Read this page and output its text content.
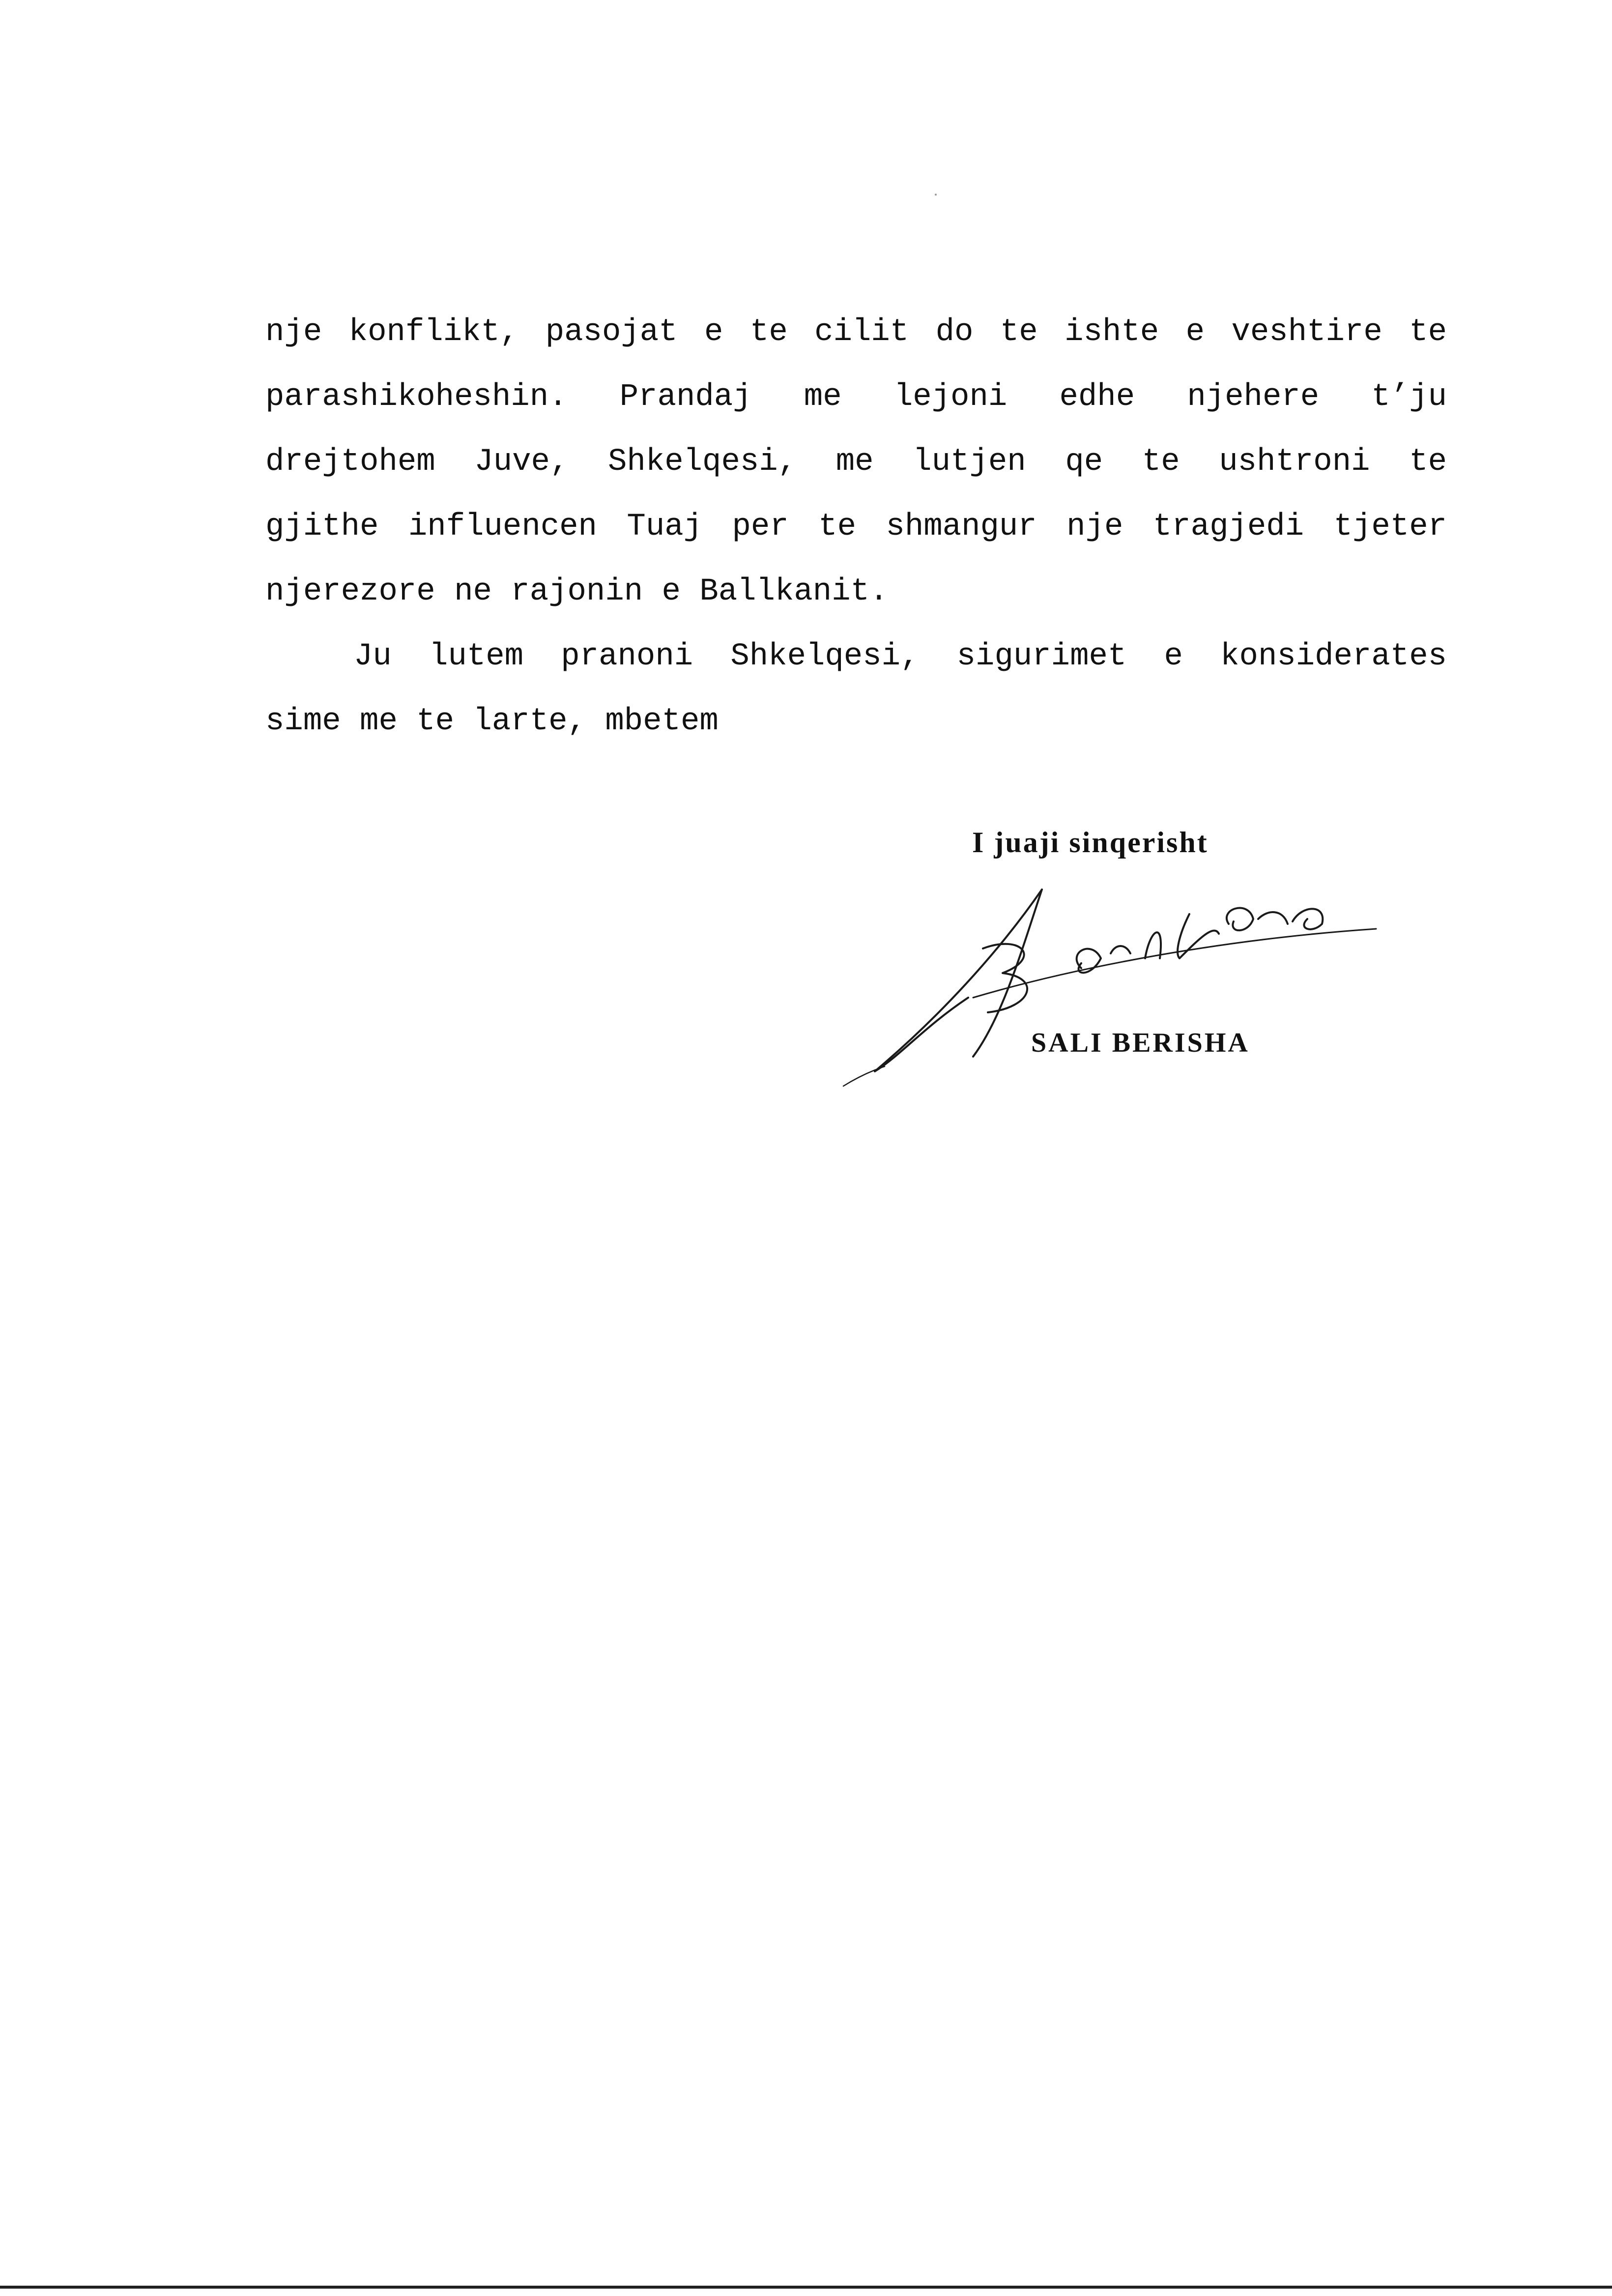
nje konflikt, pasojat e te cilit do te ishte e veshtire te
parashikoheshin. Prandaj me lejoni edhe njehere t’ju
drejtohem Juve, Shkelqesi, me lutjen qe te ushtroni te
gjithe influencen Tuaj per te shmangur nje tragjedi tjeter
njerezore ne rajonin e Ballkanit.
Ju lutem pranoni Shkelqesi, sigurimet e konsiderates
sime me te larte, mbetem
I juaji sinqerisht
SALI BERISHA
